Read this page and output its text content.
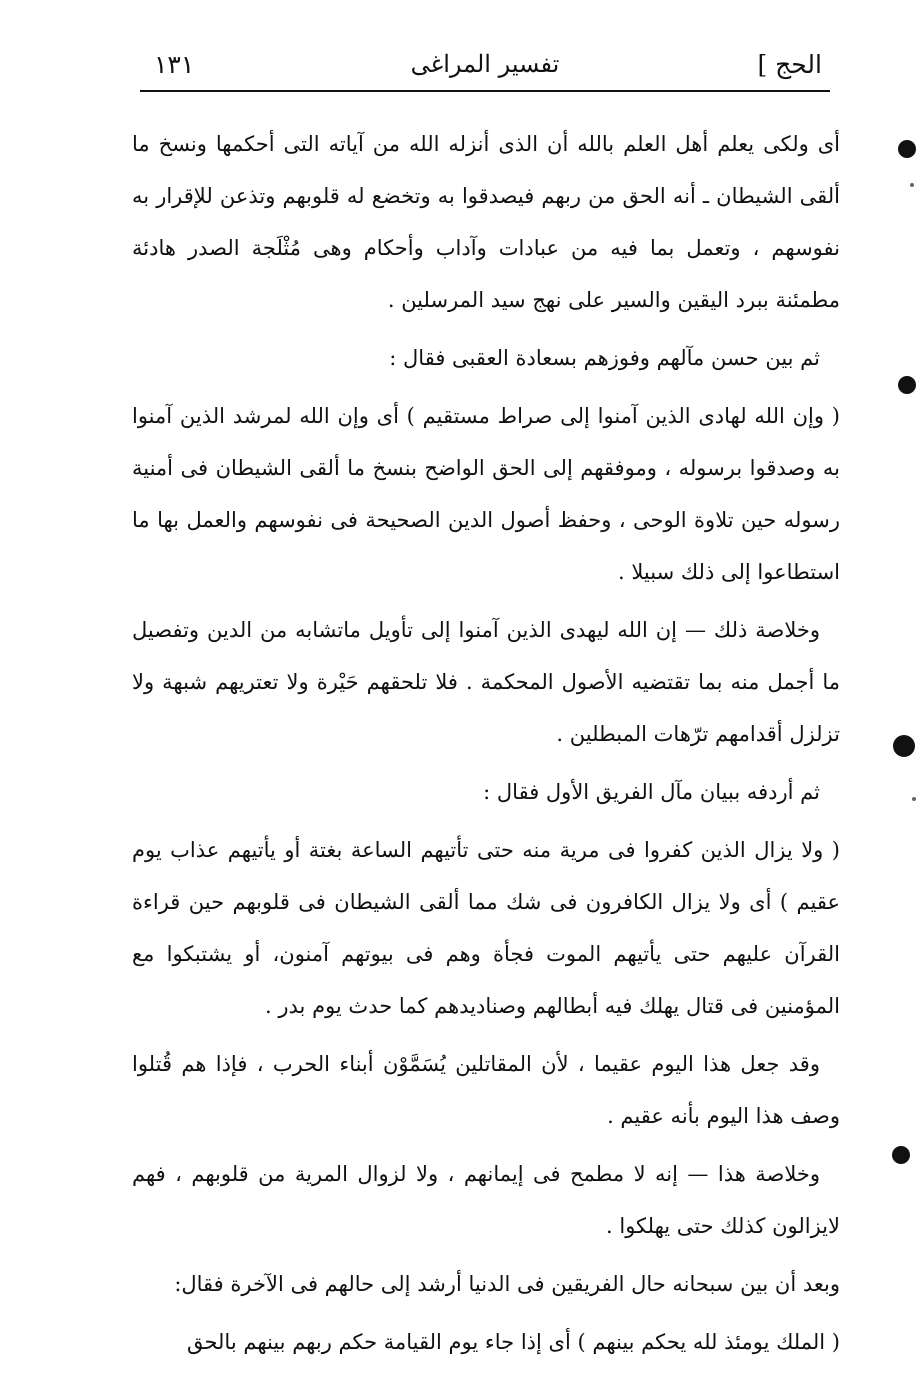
الحج ]
تفسير المراغى
١٣١

أى ولكى يعلم أهل العلم بالله أن الذى أنزله الله من آياته التى أحكمها ونسخ ما ألقى الشيطان ـ أنه الحق من ربهم فيصدقوا به وتخضع له قلوبهم وتذعن للإقرار به نفوسهم ، وتعمل بما فيه من عبادات وآداب وأحكام وهى مُثْلَجة الصدر هادئة مطمئنة ببرد اليقين والسير على نهج سيد المرسلين .

ثم بين حسن مآلهم وفوزهم بسعادة العقبى فقال :

( وإن الله لهادى الذين آمنوا إلى صراط مستقيم ) أى وإن الله لمرشد الذين آمنوا به وصدقوا برسوله ، وموفقهم إلى الحق الواضح بنسخ ما ألقى الشيطان فى أمنية رسوله حين تلاوة الوحى ، وحفظ أصول الدين الصحيحة فى نفوسهم والعمل بها ما استطاعوا إلى ذلك سبيلا .

وخلاصة ذلك — إن الله ليهدى الذين آمنوا إلى تأويل ماتشابه من الدين وتفصيل ما أجمل منه بما تقتضيه الأصول المحكمة . فلا تلحقهم حَيْرة ولا تعتريهم شبهة ولا تزلزل أقدامهم ترّهات المبطلين .

ثم أردفه ببيان مآل الفريق الأول فقال :

( ولا يزال الذين كفروا فى مرية منه حتى تأتيهم الساعة بغتة أو يأتيهم عذاب يوم عقيم ) أى ولا يزال الكافرون فى شك مما ألقى الشيطان فى قلوبهم حين قراءة القرآن عليهم حتى يأتيهم الموت فجأة وهم فى بيوتهم آمنون، أو يشتبكوا مع المؤمنين فى قتال يهلك فيه أبطالهم وصناديدهم كما حدث يوم بدر .

وقد جعل هذا اليوم عقيما ، لأن المقاتلين يُسَمَّوْن أبناء الحرب ، فإذا هم قُتلوا وصف هذا اليوم بأنه عقيم .

وخلاصة هذا — إنه لا مطمح فى إيمانهم ، ولا لزوال المرية من قلوبهم ، فهم لايزالون كذلك حتى يهلكوا .

وبعد أن بين سبحانه حال الفريقين فى الدنيا أرشد إلى حالهم فى الآخرة فقال:

( الملك يومئذ لله يحكم بينهم ) أى إذا جاء يوم القيامة حكم ربهم بينهم بالحق
